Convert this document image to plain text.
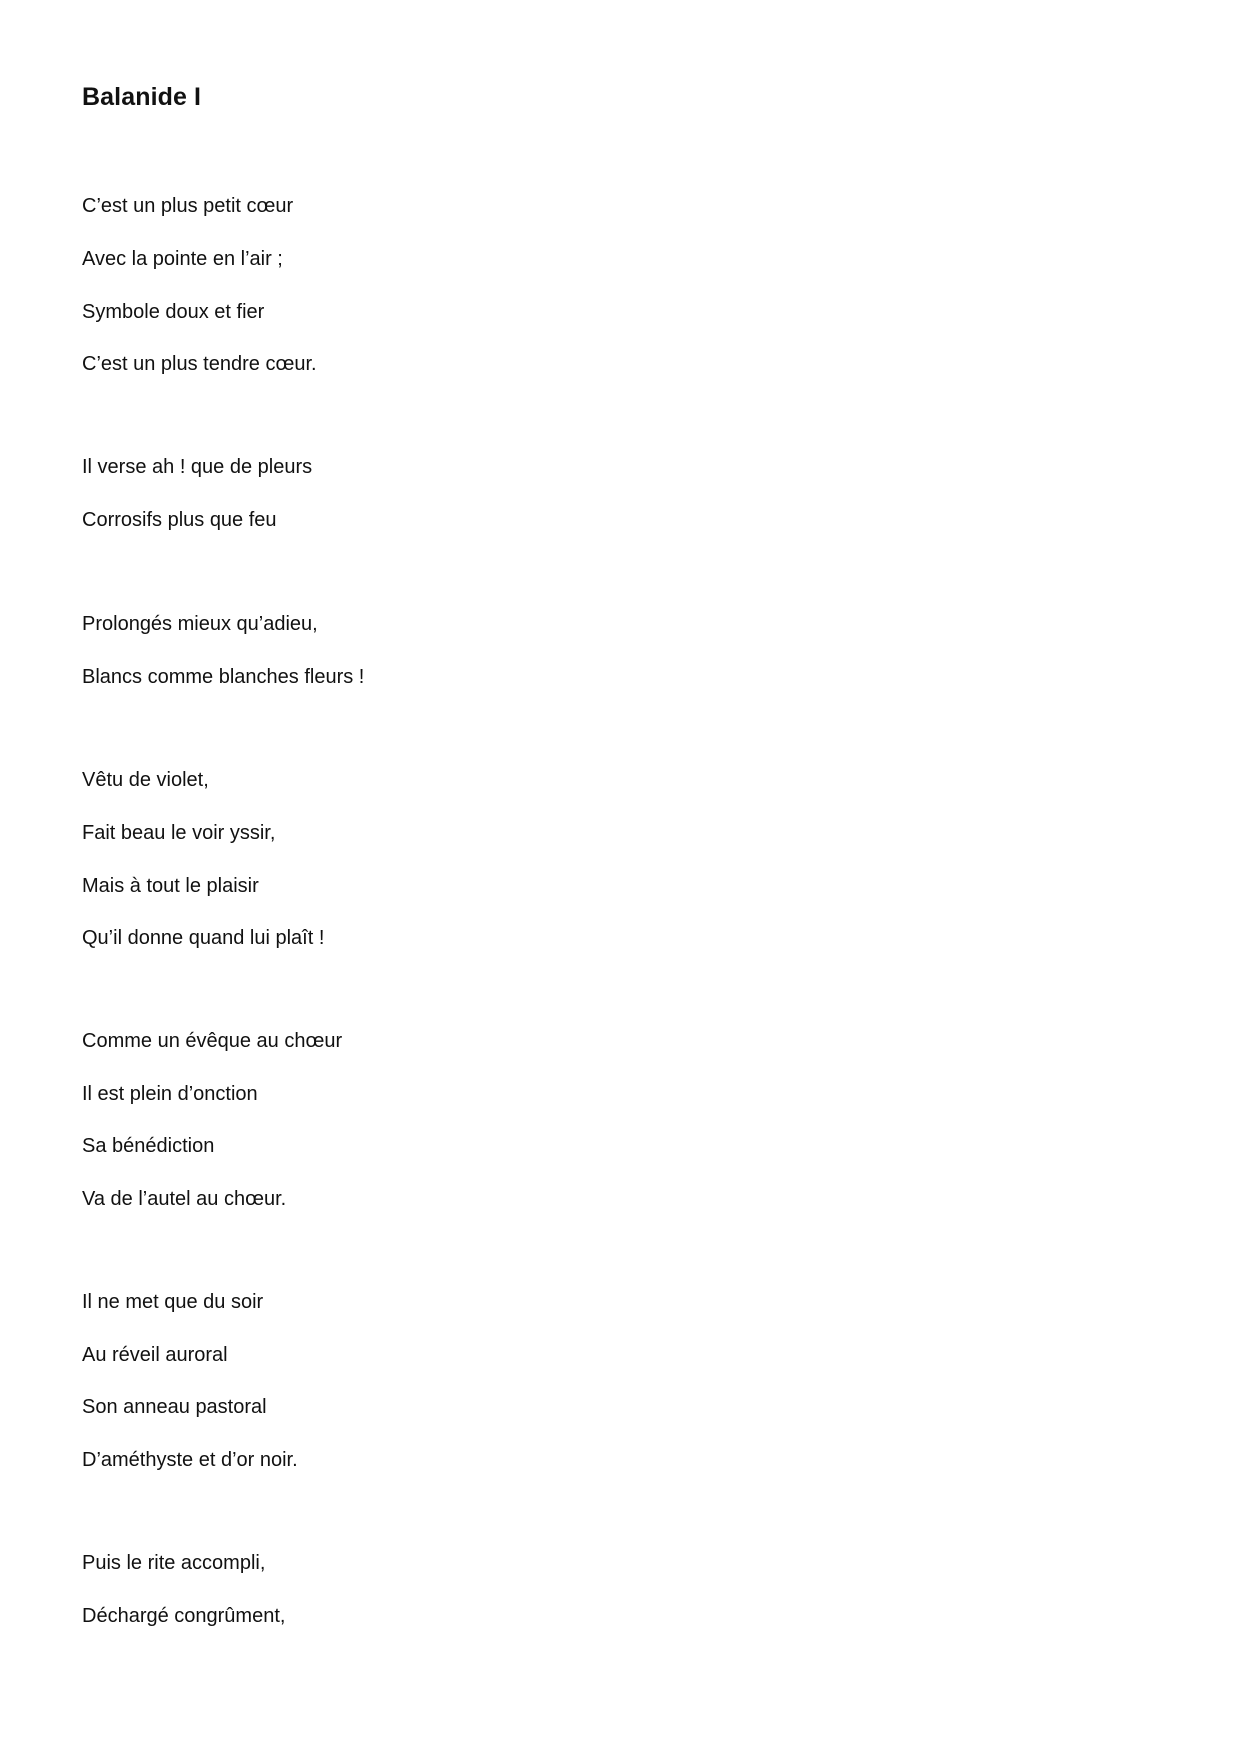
Balanide I

C’est un plus petit cœur

Avec la pointe en l’air ;

Symbole doux et fier

C’est un plus tendre cœur.

Il verse ah ! que de pleurs

Corrosifs plus que feu

Prolongés mieux qu’adieu,

Blancs comme blanches fleurs !

Vêtu de violet,

Fait beau le voir yssir,

Mais à tout le plaisir

Qu’il donne quand lui plaît !

Comme un évêque au chœur

Il est plein d’onction

Sa bénédiction

Va de l’autel au chœur.

Il ne met que du soir

Au réveil auroral

Son anneau pastoral

D’améthyste et d’or noir.

Puis le rite accompli,

Déchargé congrûment,
